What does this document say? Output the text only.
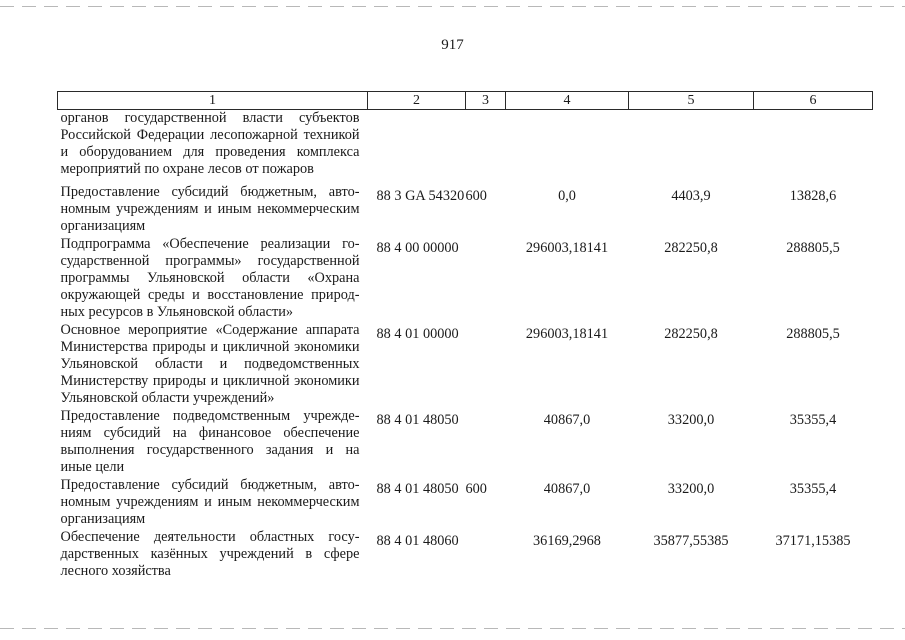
917
1	2	3	4	5	6
органов государственной власти субъектов Российской Федерации лесопожарной техникой и оборудованием для проведения комплекса мероприятий по охране лесов от пожаров					
Предоставление субсидий бюджетным, автономным учреждениям и иным некоммерческим организациям	88 3 GA 54320	600	0,0	4403,9	13828,6
Подпрограмма «Обеспечение реализации государственной программы» государственной программы Ульяновской области «Охрана окружающей среды и восстановление природных ресурсов в Ульяновской области»	88 4 00 00000		296003,18141	282250,8	288805,5
Основное мероприятие «Содержание аппарата Министерства природы и цикличной экономики Ульяновской области и подведомственных Министерству природы и цикличной экономики Ульяновской области учреждений»	88 4 01 00000		296003,18141	282250,8	288805,5
Предоставление подведомственным учреждениям субсидий на финансовое обеспечение выполнения государственного задания и на иные цели	88 4 01 48050		40867,0	33200,0	35355,4
Предоставление субсидий бюджетным, автономным учреждениям и иным некоммерческим организациям	88 4 01 48050	600	40867,0	33200,0	35355,4
Обеспечение деятельности областных государственных казённых учреждений в сфере лесного хозяйства	88 4 01 48060		36169,2968	35877,55385	37171,15385
